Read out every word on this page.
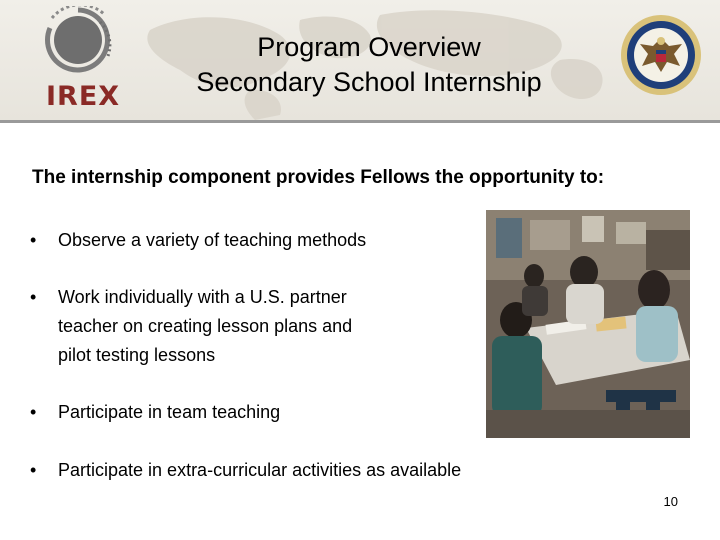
IREX
Program Overview
Secondary School Internship
The internship component provides Fellows the opportunity to:
• Observe a variety of teaching methods
• Work individually with a U.S. partner
teacher on creating lesson plans and
pilot testing lessons
• Participate in team teaching
• Participate in extra-curricular activities as available
10
